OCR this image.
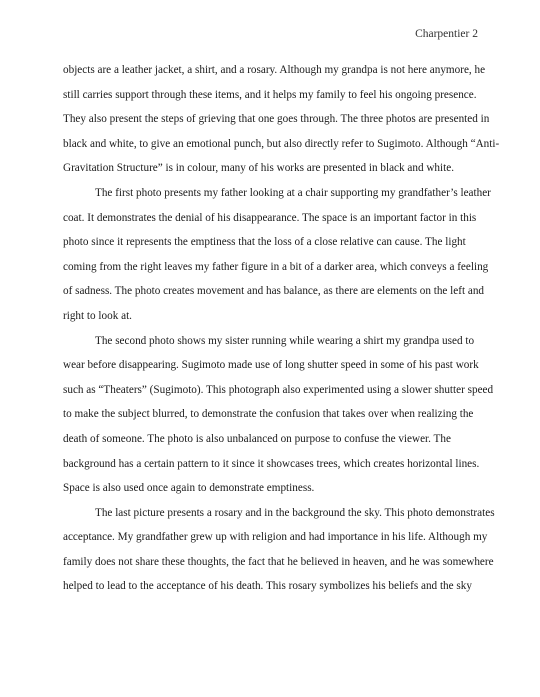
Charpentier 2
objects are a leather jacket, a shirt, and a rosary. Although my grandpa is not here anymore, he
still carries support through these items, and it helps my family to feel his ongoing presence.
They also present the steps of grieving that one goes through. The three photos are presented in
black and white, to give an emotional punch, but also directly refer to Sugimoto. Although “Anti-
Gravitation Structure” is in colour, many of his works are presented in black and white.
The first photo presents my father looking at a chair supporting my grandfather’s leather
coat. It demonstrates the denial of his disappearance. The space is an important factor in this
photo since it represents the emptiness that the loss of a close relative can cause. The light
coming from the right leaves my father figure in a bit of a darker area, which conveys a feeling
of sadness. The photo creates movement and has balance, as there are elements on the left and
right to look at.
The second photo shows my sister running while wearing a shirt my grandpa used to
wear before disappearing. Sugimoto made use of long shutter speed in some of his past work
such as “Theaters” (Sugimoto). This photograph also experimented using a slower shutter speed
to make the subject blurred, to demonstrate the confusion that takes over when realizing the
death of someone. The photo is also unbalanced on purpose to confuse the viewer. The
background has a certain pattern to it since it showcases trees, which creates horizontal lines.
Space is also used once again to demonstrate emptiness.
The last picture presents a rosary and in the background the sky. This photo demonstrates
acceptance. My grandfather grew up with religion and had importance in his life. Although my
family does not share these thoughts, the fact that he believed in heaven, and he was somewhere
helped to lead to the acceptance of his death. This rosary symbolizes his beliefs and the sky
